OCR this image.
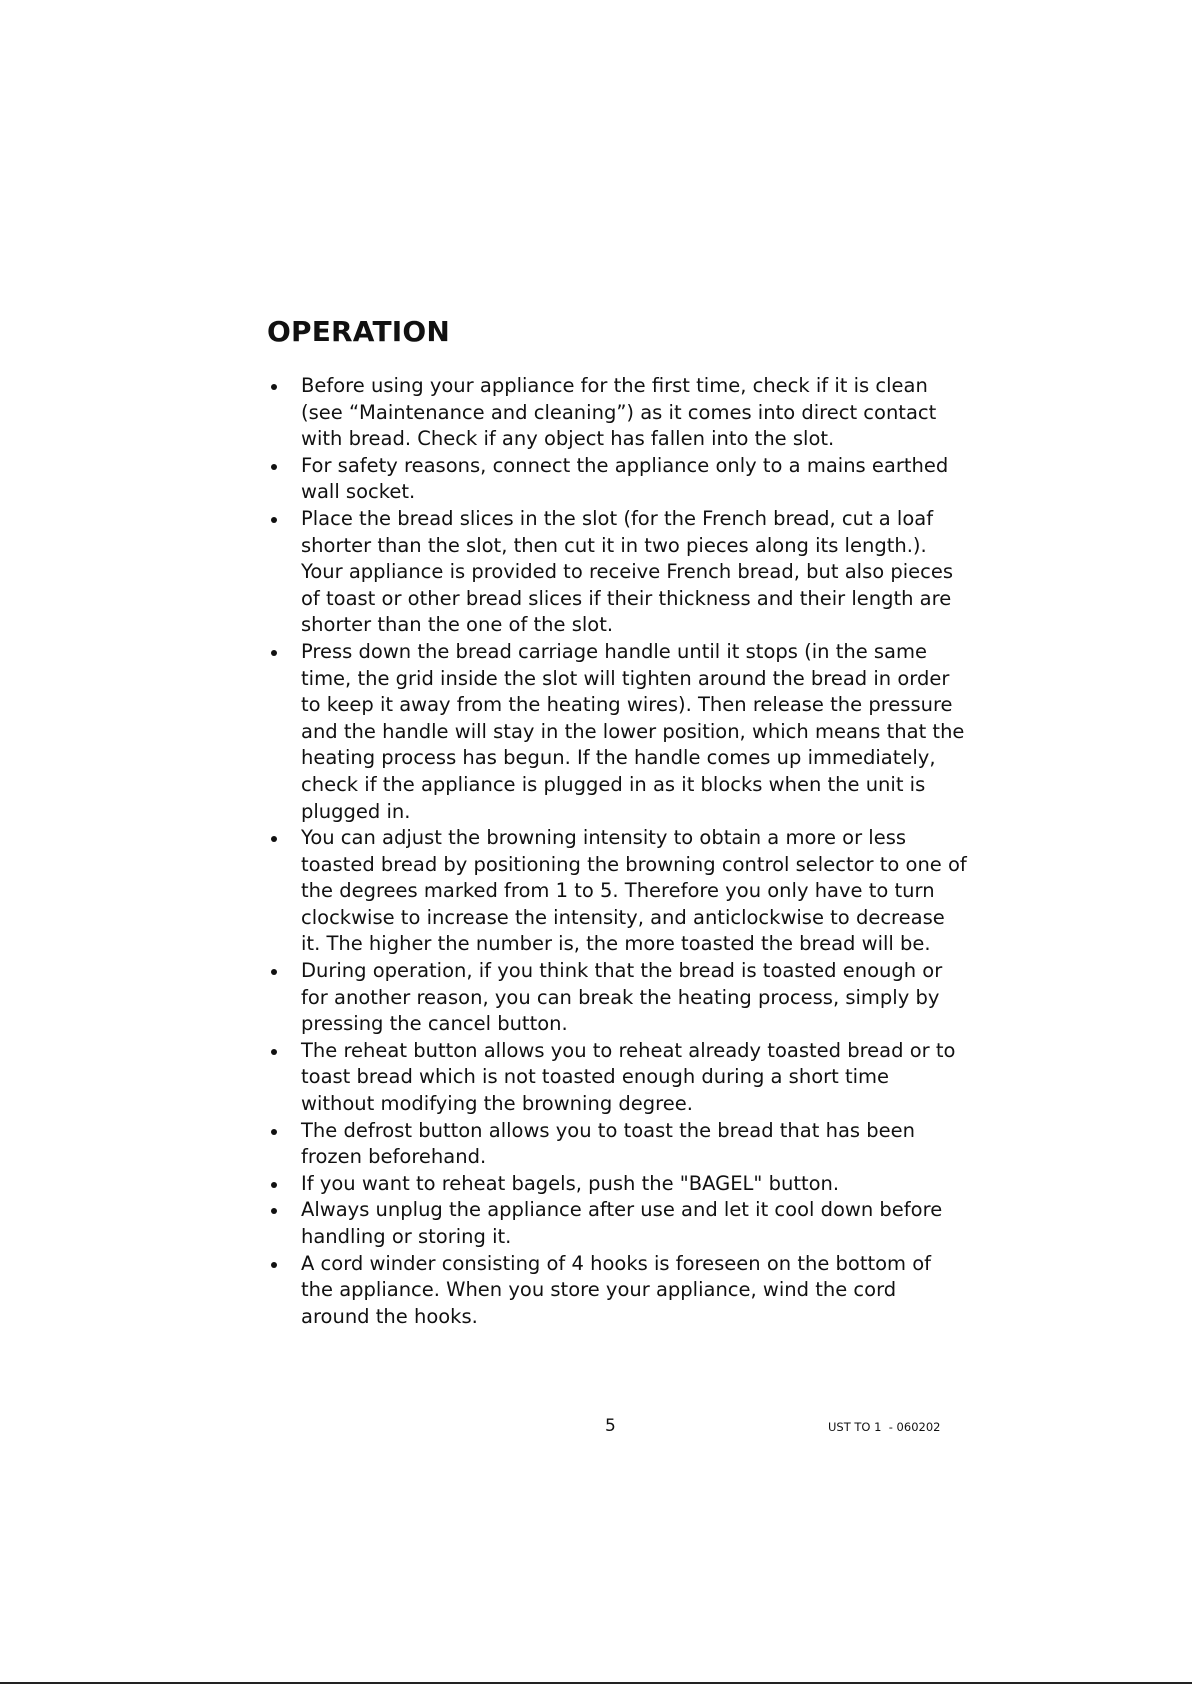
OPERATION
Before using your appliance for the first time, check if it is clean (see “Maintenance and cleaning”) as it comes into direct contact with bread. Check if any object has fallen into the slot.
For safety reasons, connect the appliance only to a mains earthed wall socket.
Place the bread slices in the slot (for the French bread, cut a loaf shorter than the slot, then cut it in two pieces along its length.). Your appliance is provided to receive French bread, but also pieces of toast or other bread slices if their thickness and their length are shorter than the one of the slot.
Press down the bread carriage handle until it stops (in the same time, the grid inside the slot will tighten around the bread in order to keep it away from the heating wires). Then release the pressure and the handle will stay in the lower position, which means that the heating process has begun. If the handle comes up immediately, check if the appliance is plugged in as it blocks when the unit is plugged in.
You can adjust the browning intensity to obtain a more or less toasted bread by positioning the browning control selector to one of the degrees marked from 1 to 5. Therefore you only have to turn clockwise to increase the intensity, and anticlockwise to decrease it. The higher the number is, the more toasted the bread will be.
During operation, if you think that the bread is toasted enough or for another reason, you can break the heating process, simply by pressing the cancel button.
The reheat button allows you to reheat already toasted bread or to toast bread which is not toasted enough during a short time without modifying the browning degree.
The defrost button allows you to toast the bread that has been frozen beforehand.
If you want to reheat bagels, push the "BAGEL" button.
Always unplug the appliance after use and let it cool down before handling or storing it.
A cord winder consisting of 4 hooks is foreseen on the bottom of the appliance. When you store your appliance, wind the cord around the hooks.
5	UST TO 1  - 060202
